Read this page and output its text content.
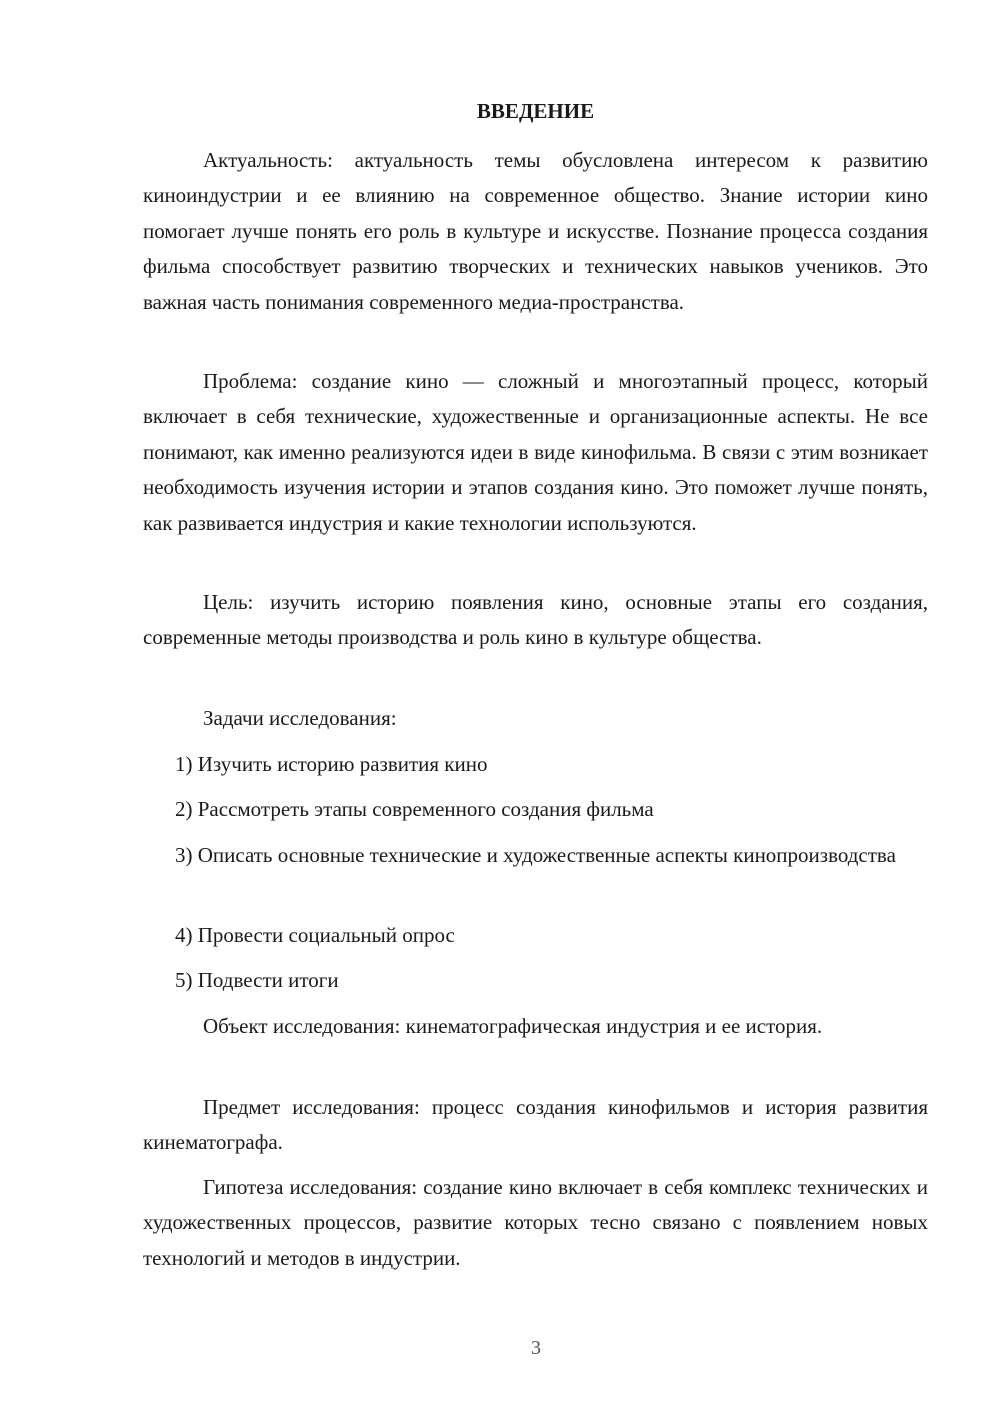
ВВЕДЕНИЕ

Актуальность: актуальность темы обусловлена интересом к развитию киноиндустрии и ее влиянию на современное общество. Знание истории кино помогает лучше понять его роль в культуре и искусстве. Познание процесса создания фильма способствует развитию творческих и технических навыков учеников. Это важная часть понимания современного медиа-пространства.

Проблема: создание кино — сложный и многоэтапный процесс, который включает в себя технические, художественные и организационные аспекты. Не все понимают, как именно реализуются идеи в виде кинофильма. В связи с этим возникает необходимость изучения истории и этапов создания кино. Это поможет лучше понять, как развивается индустрия и какие технологии используются.

Цель: изучить историю появления кино, основные этапы его создания, современные методы производства и роль кино в культуре общества.

Задачи исследования:

1) Изучить историю развития кино

2) Рассмотреть этапы современного создания фильма

3) Описать основные технические и художественные аспекты кинопроизводства

4) Провести социальный опрос

5) Подвести итоги

Объект исследования: кинематографическая индустрия и ее история.

Предмет исследования: процесс создания кинофильмов и история развития кинематографа.

Гипотеза исследования: создание кино включает в себя комплекс технических и художественных процессов, развитие которых тесно связано с появлением новых технологий и методов в индустрии.

3
